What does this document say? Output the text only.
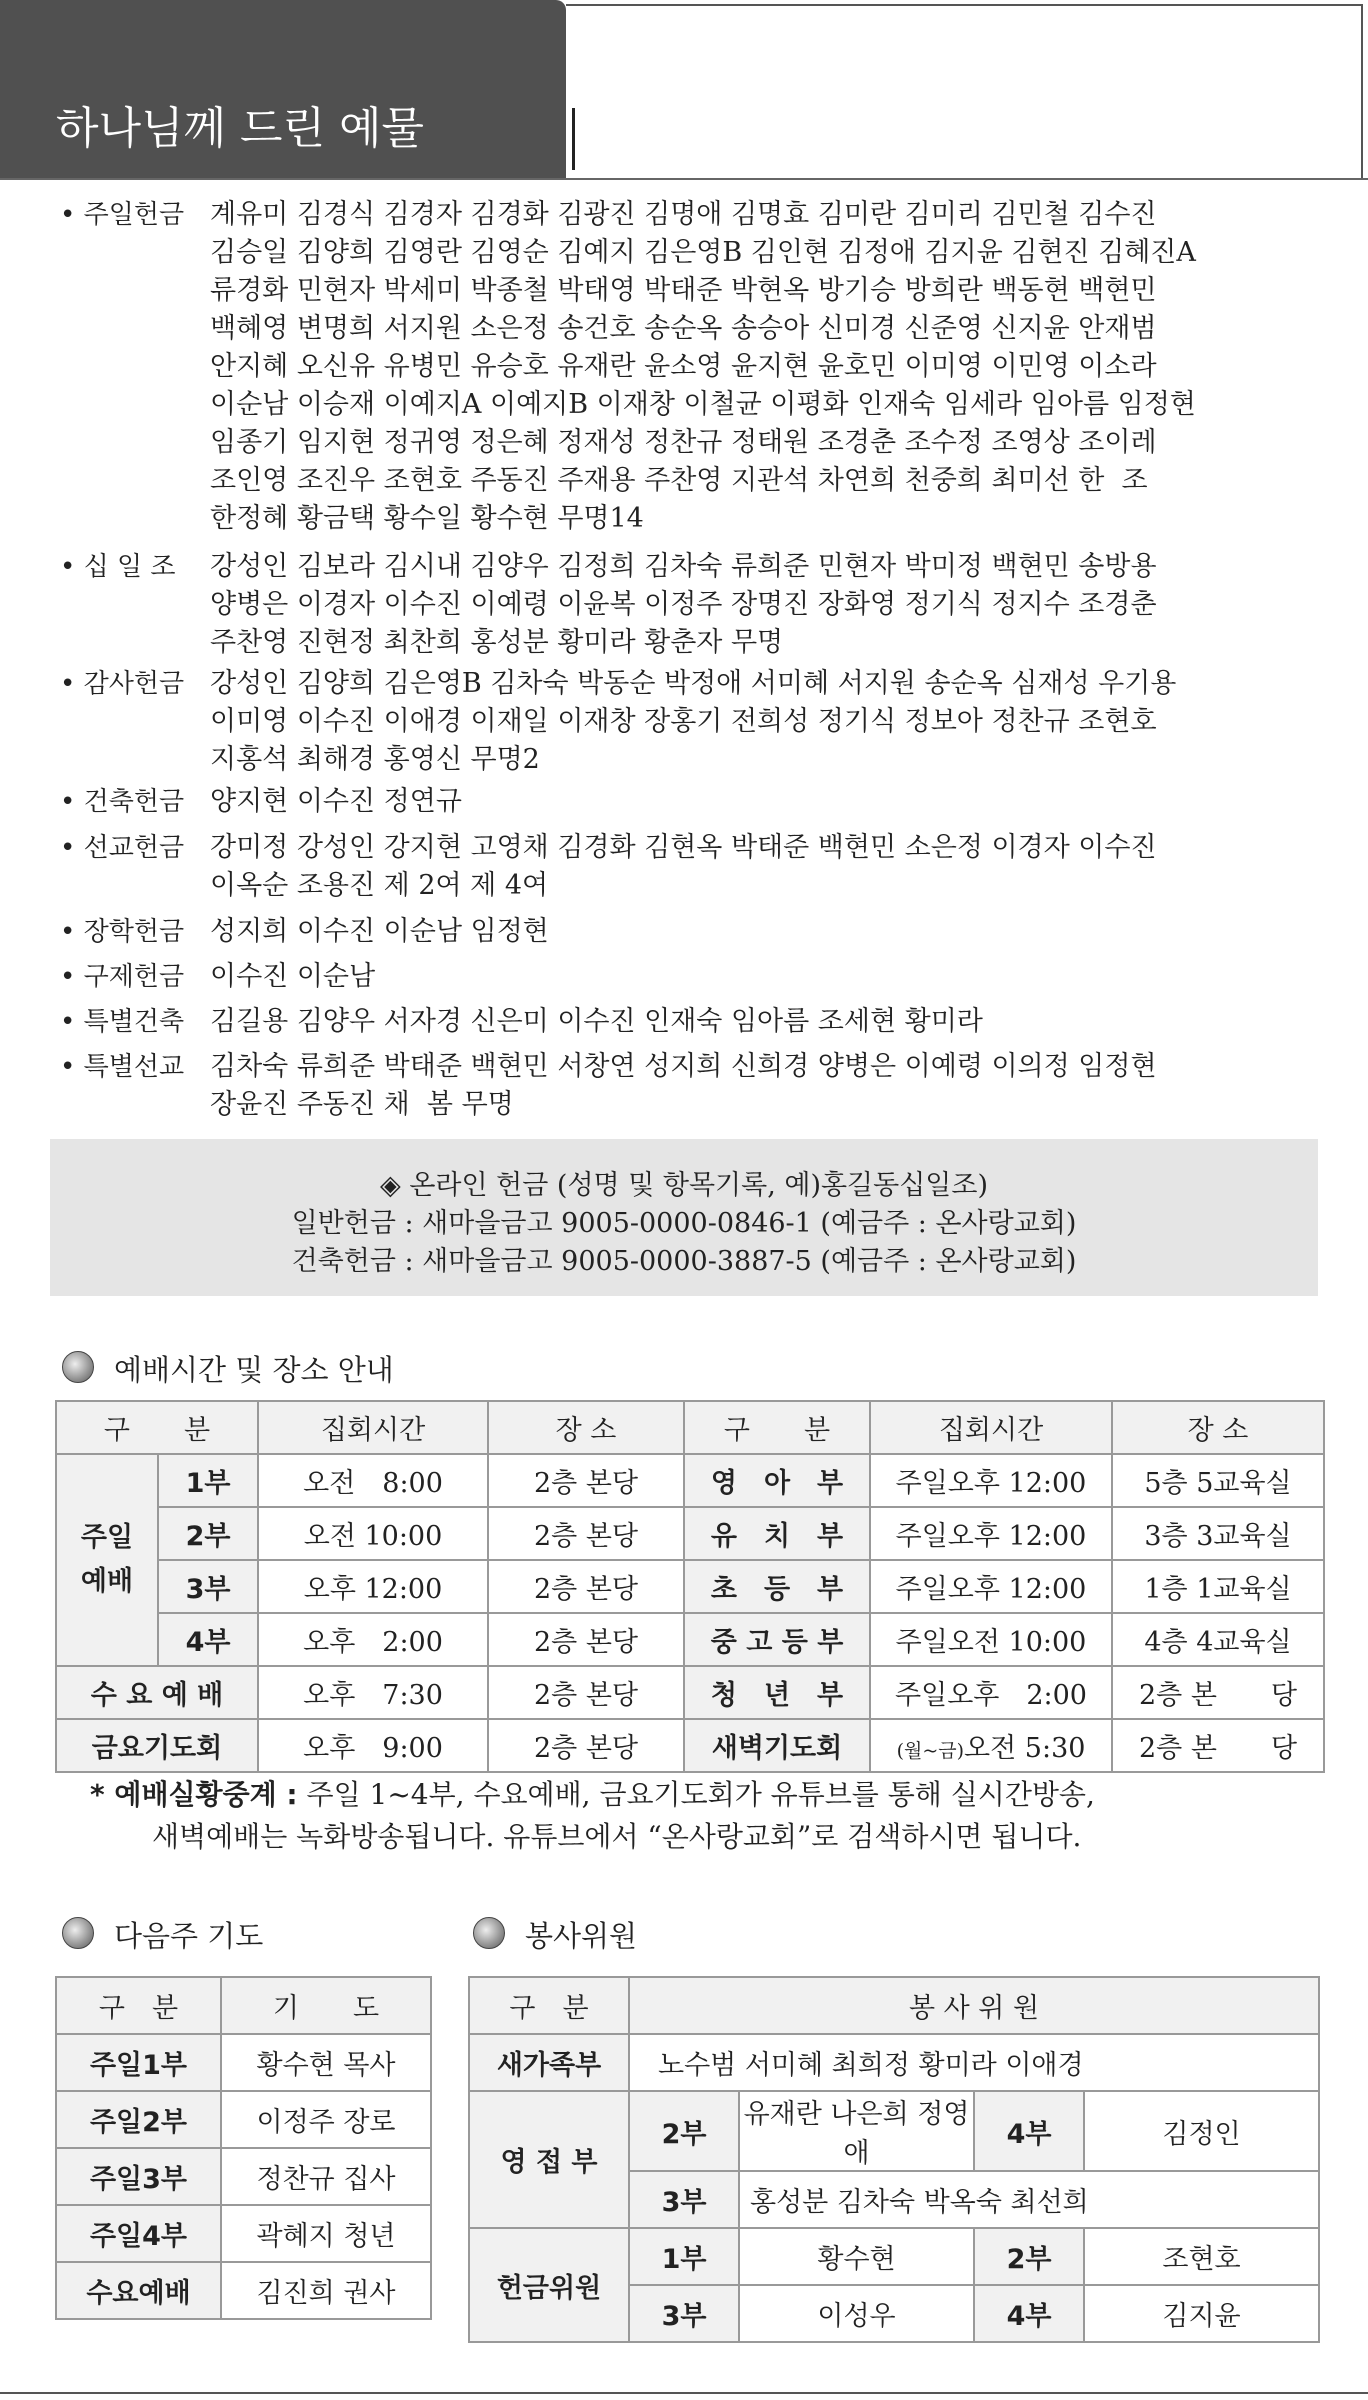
하나님께 드린 예물
• 주일헌금 계유미 김경식 김경자 김경화 김광진 김명애 김명효 김미란 김미리 김민철 김수진
김승일 김양희 김영란 김영순 김예지 김은영B 김인현 김정애 김지윤 김현진 김혜진A
류경화 민현자 박세미 박종철 박태영 박태준 박현옥 방기승 방희란 백동현 백현민
백혜영 변명희 서지원 소은정 송건호 송순옥 송승아 신미경 신준영 신지윤 안재범
안지혜 오신유 유병민 유승호 유재란 윤소영 윤지현 윤호민 이미영 이민영 이소라
이순남 이승재 이예지A 이예지B 이재창 이철균 이평화 인재숙 임세라 임아름 임정현
임종기 임지현 정귀영 정은혜 정재성 정찬규 정태원 조경춘 조수정 조영상 조이레
조인영 조진우 조현호 주동진 주재용 주찬영 지관석 차연희 천중희 최미선 한  조
한정혜 황금택 황수일 황수현 무명14
• 십 일 조	강성인 김보라 김시내 김양우 김정희 김차숙 류희준 민현자 박미정 백현민 송방용
양병은 이경자 이수진 이예령 이윤복 이정주 장명진 장화영 정기식 정지수 조경춘
주찬영 진현정 최찬희 홍성분 황미라 황춘자 무명
• 감사헌금 강성인 김양희 김은영B 김차숙 박동순 박정애 서미혜 서지원 송순옥 심재성 우기용
이미영 이수진 이애경 이재일 이재창 장홍기 전희성 정기식 정보아 정찬규 조현호
지홍석 최해경 홍영신 무명2
• 건축헌금 양지현 이수진 정연규
• 선교헌금 강미정 강성인 강지현 고영채 김경화 김현옥 박태준 백현민 소은정 이경자 이수진
이옥순 조용진 제 2여 제 4여
• 장학헌금 성지희 이수진 이순남 임정현
• 구제헌금 이수진 이순남
• 특별건축 김길용 김양우 서자경 신은미 이수진 인재숙 임아름 조세현 황미라
• 특별선교 김차숙 류희준 박태준 백현민 서창연 성지희 신희경 양병은 이예령 이의정 임정현
장윤진 주동진 채  봄 무명
◈ 온라인 헌금 (성명 및 항목기록, 예)홍길동십일조)
일반헌금 : 새마을금고 9005-0000-0846-1 (예금주 : 온사랑교회)
건축헌금 : 새마을금고 9005-0000-3887-5 (예금주 : 온사랑교회)
예배시간 및 장소 안내
구　　분		집회시간	장 소	구　　분	집회시간	장 소
주일
예배	1부	오전　8:00	2층 본당	영　아　부	주일오후 12:00	5층 5교육실
	2부	오전 10:00	2층 본당	유　치　부	주일오후 12:00	3층 3교육실
	3부	오후 12:00	2층 본당	초　등　부	주일오후 12:00	1층 1교육실
	4부	오후　2:00	2층 본당	중 고 등 부	주일오전 10:00	4층 4교육실
수 요 예 배		오후　7:30	2층 본당	청　년　부	주일오후　2:00	2층 본　　당
금요기도회		오후　9:00	2층 본당	새벽기도회	(월~금)오전 5:30	2층 본　　당
* 예배실황중계 : 주일 1~4부, 수요예배, 금요기도회가 유튜브를 통해 실시간방송,
새벽예배는 녹화방송됩니다. 유튜브에서 “온사랑교회”로 검색하시면 됩니다.
다음주 기도
구　분	기　　도
주일1부	황수현 목사
주일2부	이정주 장로
주일3부	정찬규 집사
주일4부	곽혜지 청년
수요예배	김진희 권사
봉사위원
구　분	봉 사 위 원			
새가족부	노수범 서미혜 최희정 황미라 이애경			
영 접 부	2부	유재란 나은희 정영애	4부	김정인
	3부	홍성분 김차숙 박옥숙 최선희		
헌금위원	1부	황수현	2부	조현호
	3부	이성우	4부	김지윤
